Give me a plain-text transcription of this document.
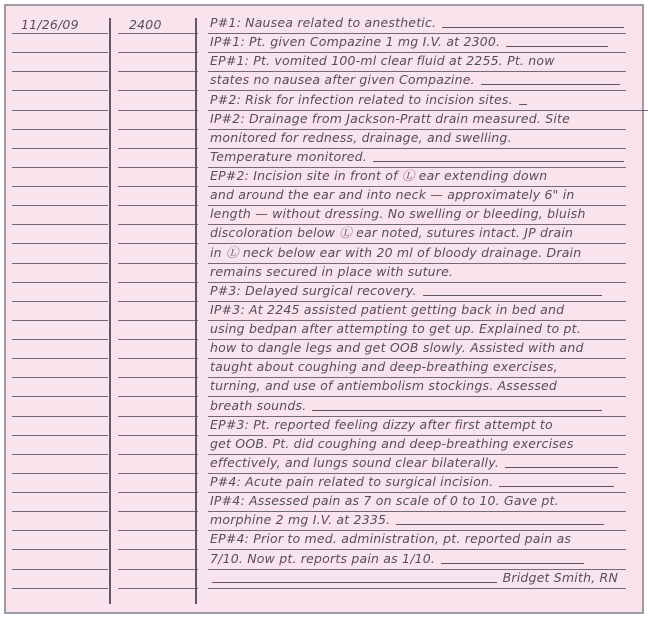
11/26/09	2400	P#1: Nausea related to anesthetic.
IP#1: Pt. given Compazine 1 mg I.V. at 2300.
EP#1: Pt. vomited 100-ml clear fluid at 2255. Pt. now
states no nausea after given Compazine.
P#2: Risk for infection related to incision sites.
IP#2: Drainage from Jackson-Pratt drain measured. Site
monitored for redness, drainage, and swelling.
Temperature monitored.
EP#2: Incision site in front of Ⓛ ear extending down
and around the ear and into neck — approximately 6" in
length — without dressing. No swelling or bleeding, bluish
discoloration below Ⓛ ear noted, sutures intact. JP drain
in Ⓛ neck below ear with 20 ml of bloody drainage. Drain
remains secured in place with suture.
P#3: Delayed surgical recovery.
IP#3: At 2245 assisted patient getting back in bed and
using bedpan after attempting to get up. Explained to pt.
how to dangle legs and get OOB slowly. Assisted with and
taught about coughing and deep-breathing exercises,
turning, and use of antiembolism stockings. Assessed
breath sounds.
EP#3: Pt. reported feeling dizzy after first attempt to
get OOB. Pt. did coughing and deep-breathing exercises
effectively, and lungs sound clear bilaterally.
P#4: Acute pain related to surgical incision.
IP#4: Assessed pain as 7 on scale of 0 to 10. Gave pt.
morphine 2 mg I.V. at 2335.
EP#4: Prior to med. administration, pt. reported pain as
7/10. Now pt. reports pain as 1/10.
Bridget Smith, RN
